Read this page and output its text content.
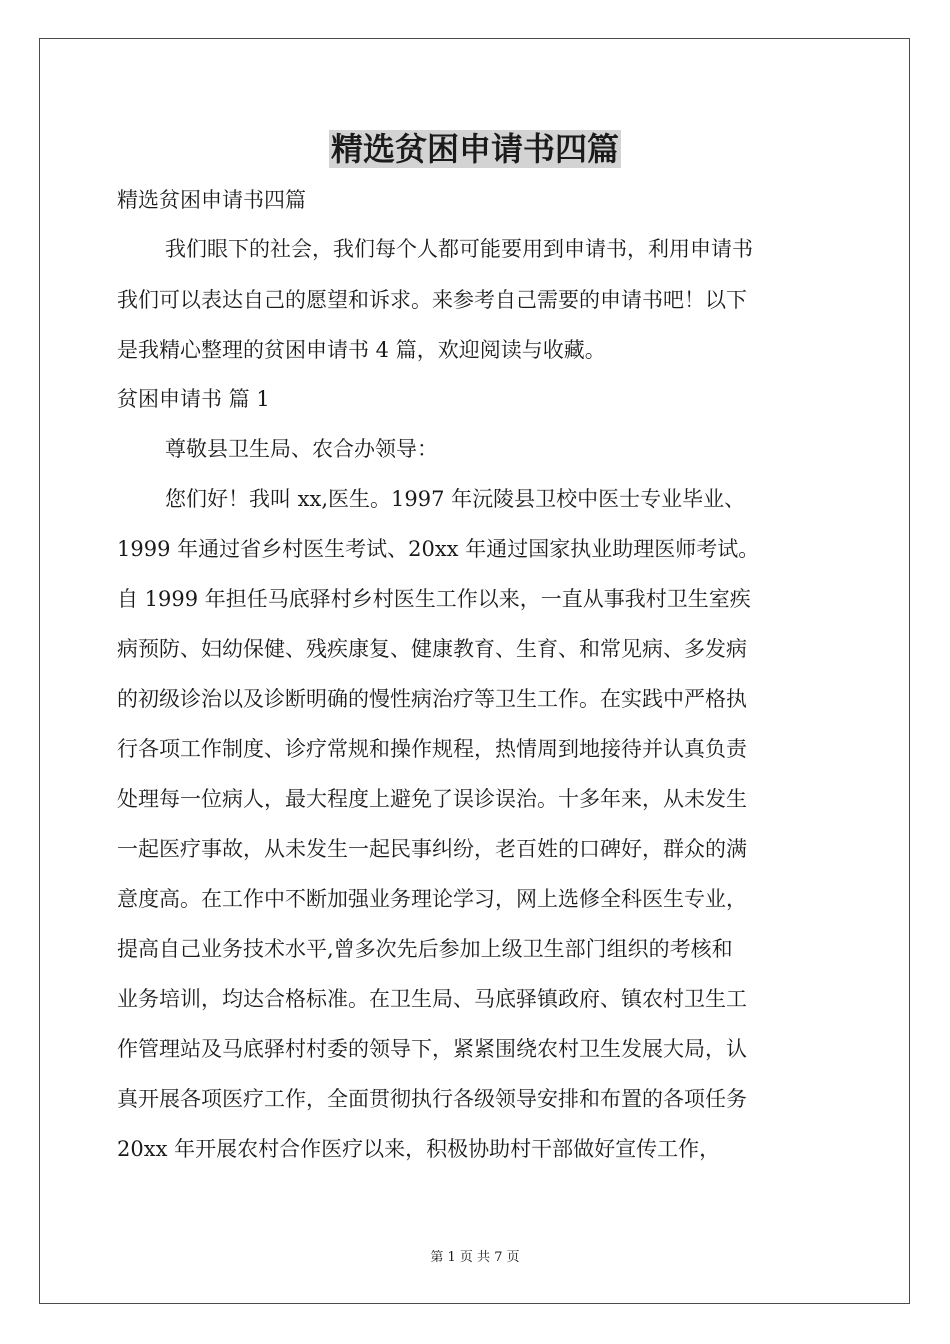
精选贫困申请书四篇

精选贫困申请书四篇

我们眼下的社会，我们每个人都可能要用到申请书，利用申请书

我们可以表达自己的愿望和诉求。来参考自己需要的申请书吧！以下

是我精心整理的贫困申请书 4 篇，欢迎阅读与收藏。

贫困申请书 篇 1

尊敬县卫生局、农合办领导：

您们好！我叫 xx,医生。1997 年沅陵县卫校中医士专业毕业、

1999 年通过省乡村医生考试、20xx 年通过国家执业助理医师考试。

自 1999 年担任马底驿村乡村医生工作以来，一直从事我村卫生室疾

病预防、妇幼保健、残疾康复、健康教育、生育、和常见病、多发病

的初级诊治以及诊断明确的慢性病治疗等卫生工作。在实践中严格执

行各项工作制度、诊疗常规和操作规程，热情周到地接待并认真负责

处理每一位病人，最大程度上避免了误诊误治。十多年来，从未发生

一起医疗事故，从未发生一起民事纠纷，老百姓的口碑好，群众的满

意度高。在工作中不断加强业务理论学习，网上选修全科医生专业，

提高自己业务技术水平,曾多次先后参加上级卫生部门组织的考核和

业务培训，均达合格标准。在卫生局、马底驿镇政府、镇农村卫生工

作管理站及马底驿村村委的领导下，紧紧围绕农村卫生发展大局，认

真开展各项医疗工作，全面贯彻执行各级领导安排和布置的各项任务

20xx 年开展农村合作医疗以来，积极协助村干部做好宣传工作，

第 1 页 共 7 页
